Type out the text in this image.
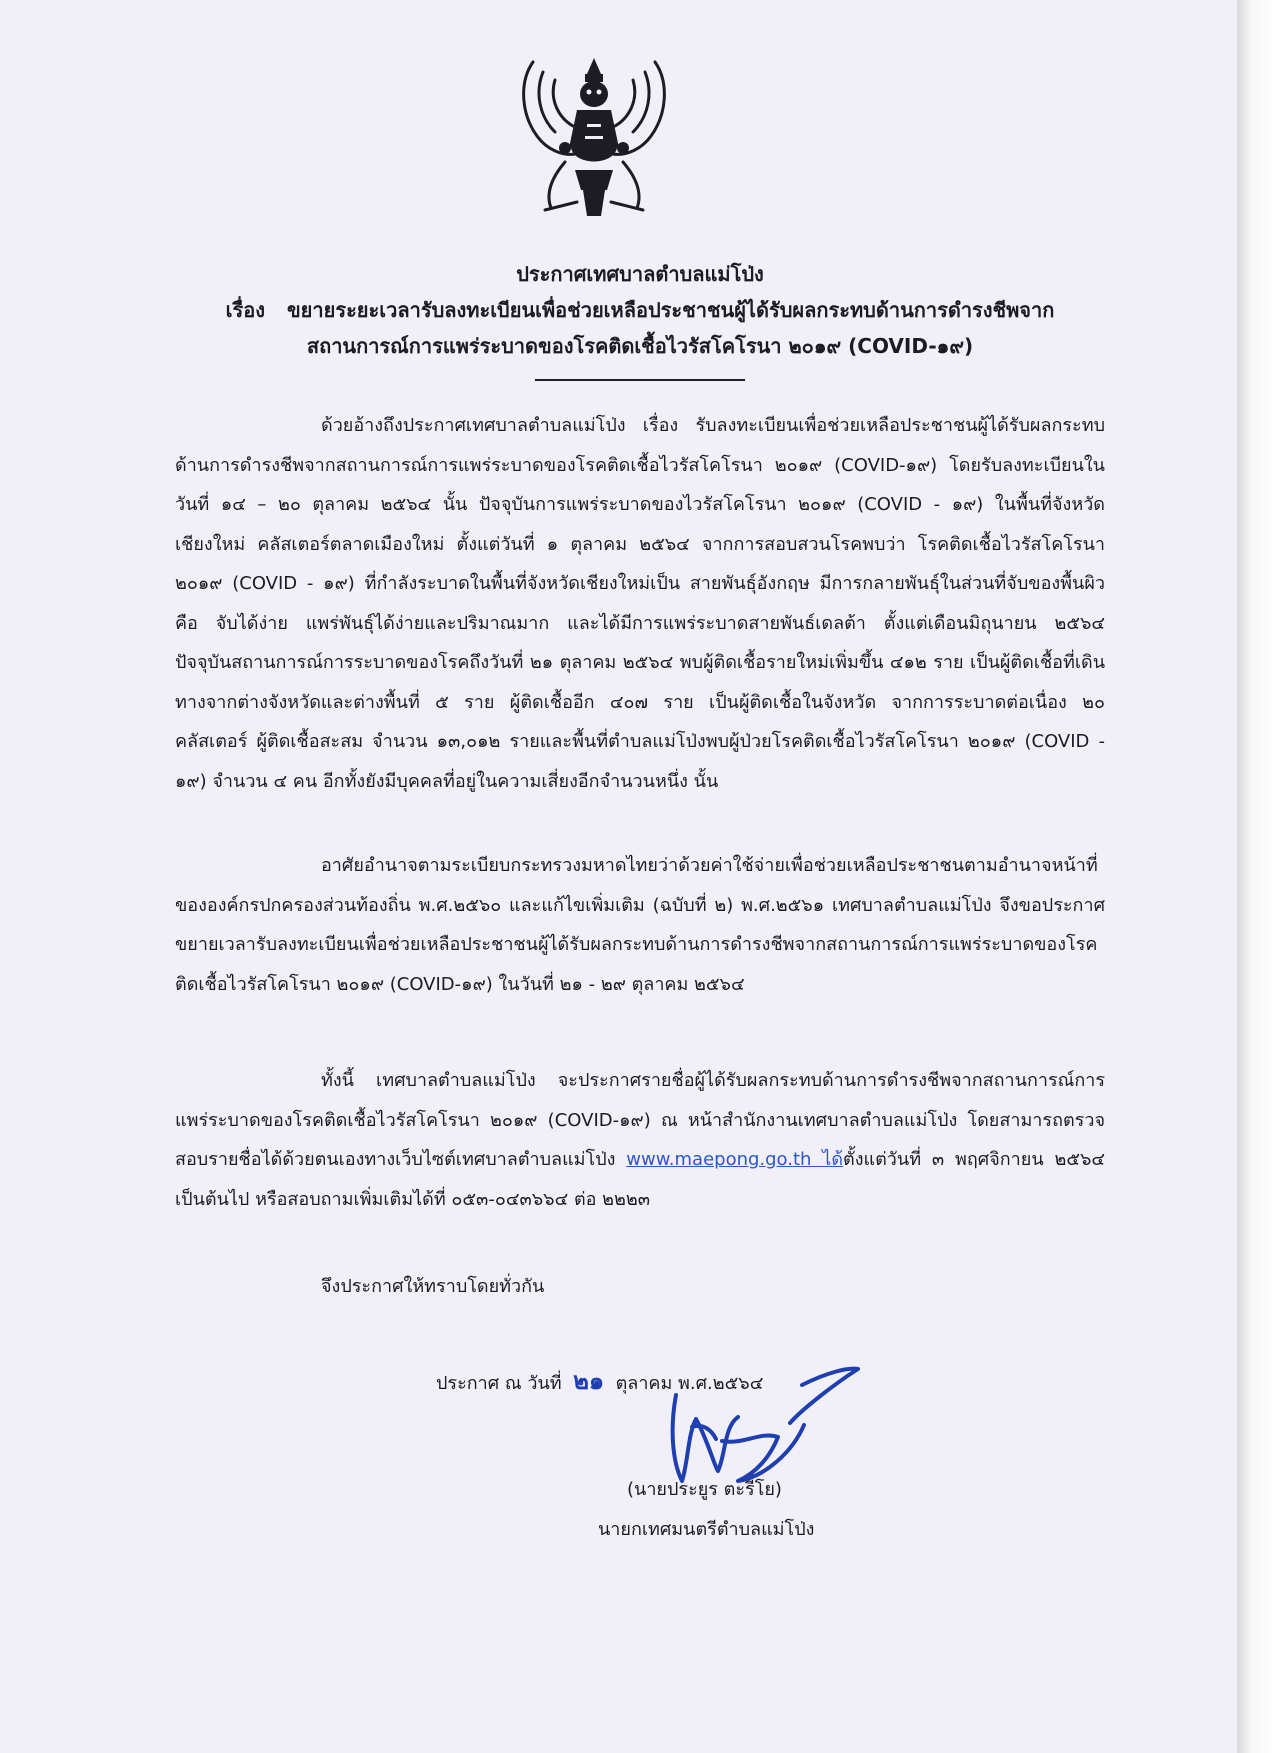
ประกาศเทศบาลตำบลแม่โป่ง
เรื่อง ขยายระยะเวลารับลงทะเบียนเพื่อช่วยเหลือประชาชนผู้ได้รับผลกระทบด้านการดำรงชีพจาก
สถานการณ์การแพร่ระบาดของโรคติดเชื้อไวรัสโคโรนา ๒๐๑๙ (COVID-๑๙)
ด้วยอ้างถึงประกาศเทศบาลตำบลแม่โป่ง เรื่อง รับลงทะเบียนเพื่อช่วยเหลือประชาชนผู้ได้รับผลกระทบด้านการดำรงชีพจากสถานการณ์การแพร่ระบาดของโรคติดเชื้อไวรัสโคโรนา ๒๐๑๙ (COVID-๑๙) โดยรับลงทะเบียนในวันที่ ๑๔ – ๒๐ ตุลาคม ๒๕๖๔ นั้น ปัจจุบันการแพร่ระบาดของไวรัสโคโรนา ๒๐๑๙ (COVID - ๑๙) ในพื้นที่จังหวัดเชียงใหม่ คลัสเตอร์ตลาดเมืองใหม่ ตั้งแต่วันที่ ๑ ตุลาคม ๒๕๖๔ จากการสอบสวนโรคพบว่า โรคติดเชื้อไวรัสโคโรนา ๒๐๑๙ (COVID - ๑๙) ที่กำลังระบาดในพื้นที่จังหวัดเชียงใหม่เป็น สายพันธุ์อังกฤษ มีการกลายพันธุ์ในส่วนที่จับของพื้นผิว คือ จับได้ง่าย แพร่พันธุ์ได้ง่ายและปริมาณมาก และได้มีการแพร่ระบาดสายพันธ์เดลต้า ตั้งแต่เดือนมิถุนายน ๒๕๖๔ ปัจจุบันสถานการณ์การระบาดของโรคถึงวันที่ ๒๑ ตุลาคม ๒๕๖๔ พบผู้ติดเชื้อรายใหม่เพิ่มขึ้น ๔๑๒ ราย เป็นผู้ติดเชื้อที่เดินทางจากต่างจังหวัดและต่างพื้นที่ ๕ ราย ผู้ติดเชื้ออีก ๔๐๗ ราย เป็นผู้ติดเชื้อในจังหวัด จากการระบาดต่อเนื่อง ๒๐ คลัสเตอร์ ผู้ติดเชื้อสะสม จำนวน ๑๓,๐๑๒ รายและพื้นที่ตำบลแม่โป่งพบผู้ป่วยโรคติดเชื้อไวรัสโคโรนา ๒๐๑๙ (COVID - ๑๙) จำนวน ๔ คน อีกทั้งยังมีบุคคลที่อยู่ในความเสี่ยงอีกจำนวนหนึ่ง นั้น
อาศัยอำนาจตามระเบียบกระทรวงมหาดไทยว่าด้วยค่าใช้จ่ายเพื่อช่วยเหลือประชาชนตามอำนาจหน้าที่ขององค์กรปกครองส่วนท้องถิ่น พ.ศ.๒๕๖๐ และแก้ไขเพิ่มเติม (ฉบับที่ ๒) พ.ศ.๒๕๖๑ เทศบาลตำบลแม่โป่ง จึงขอประกาศขยายเวลารับลงทะเบียนเพื่อช่วยเหลือประชาชนผู้ได้รับผลกระทบด้านการดำรงชีพจากสถานการณ์การแพร่ระบาดของโรคติดเชื้อไวรัสโคโรนา ๒๐๑๙ (COVID-๑๙) ในวันที่ ๒๑ - ๒๙ ตุลาคม ๒๕๖๔
ทั้งนี้ เทศบาลตำบลแม่โป่ง จะประกาศรายชื่อผู้ได้รับผลกระทบด้านการดำรงชีพจากสถานการณ์การแพร่ระบาดของโรคติดเชื้อไวรัสโคโรนา ๒๐๑๙ (COVID-๑๙) ณ หน้าสำนักงานเทศบาลตำบลแม่โป่ง โดยสามารถตรวจสอบรายชื่อได้ด้วยตนเองทางเว็บไซต์เทศบาลตำบลแม่โป่ง www.maepong.go.th ได้ตั้งแต่วันที่ ๓ พฤศจิกายน ๒๕๖๔ เป็นต้นไป หรือสอบถามเพิ่มเติมได้ที่ ๐๕๓-๐๔๓๖๖๔ ต่อ ๒๒๒๓
จึงประกาศให้ทราบโดยทั่วกัน
ประกาศ ณ วันที่ ๒๑ ตุลาคม พ.ศ.๒๕๖๔
(นายประยูร ตะรีโย)
นายกเทศมนตรีตำบลแม่โป่ง
